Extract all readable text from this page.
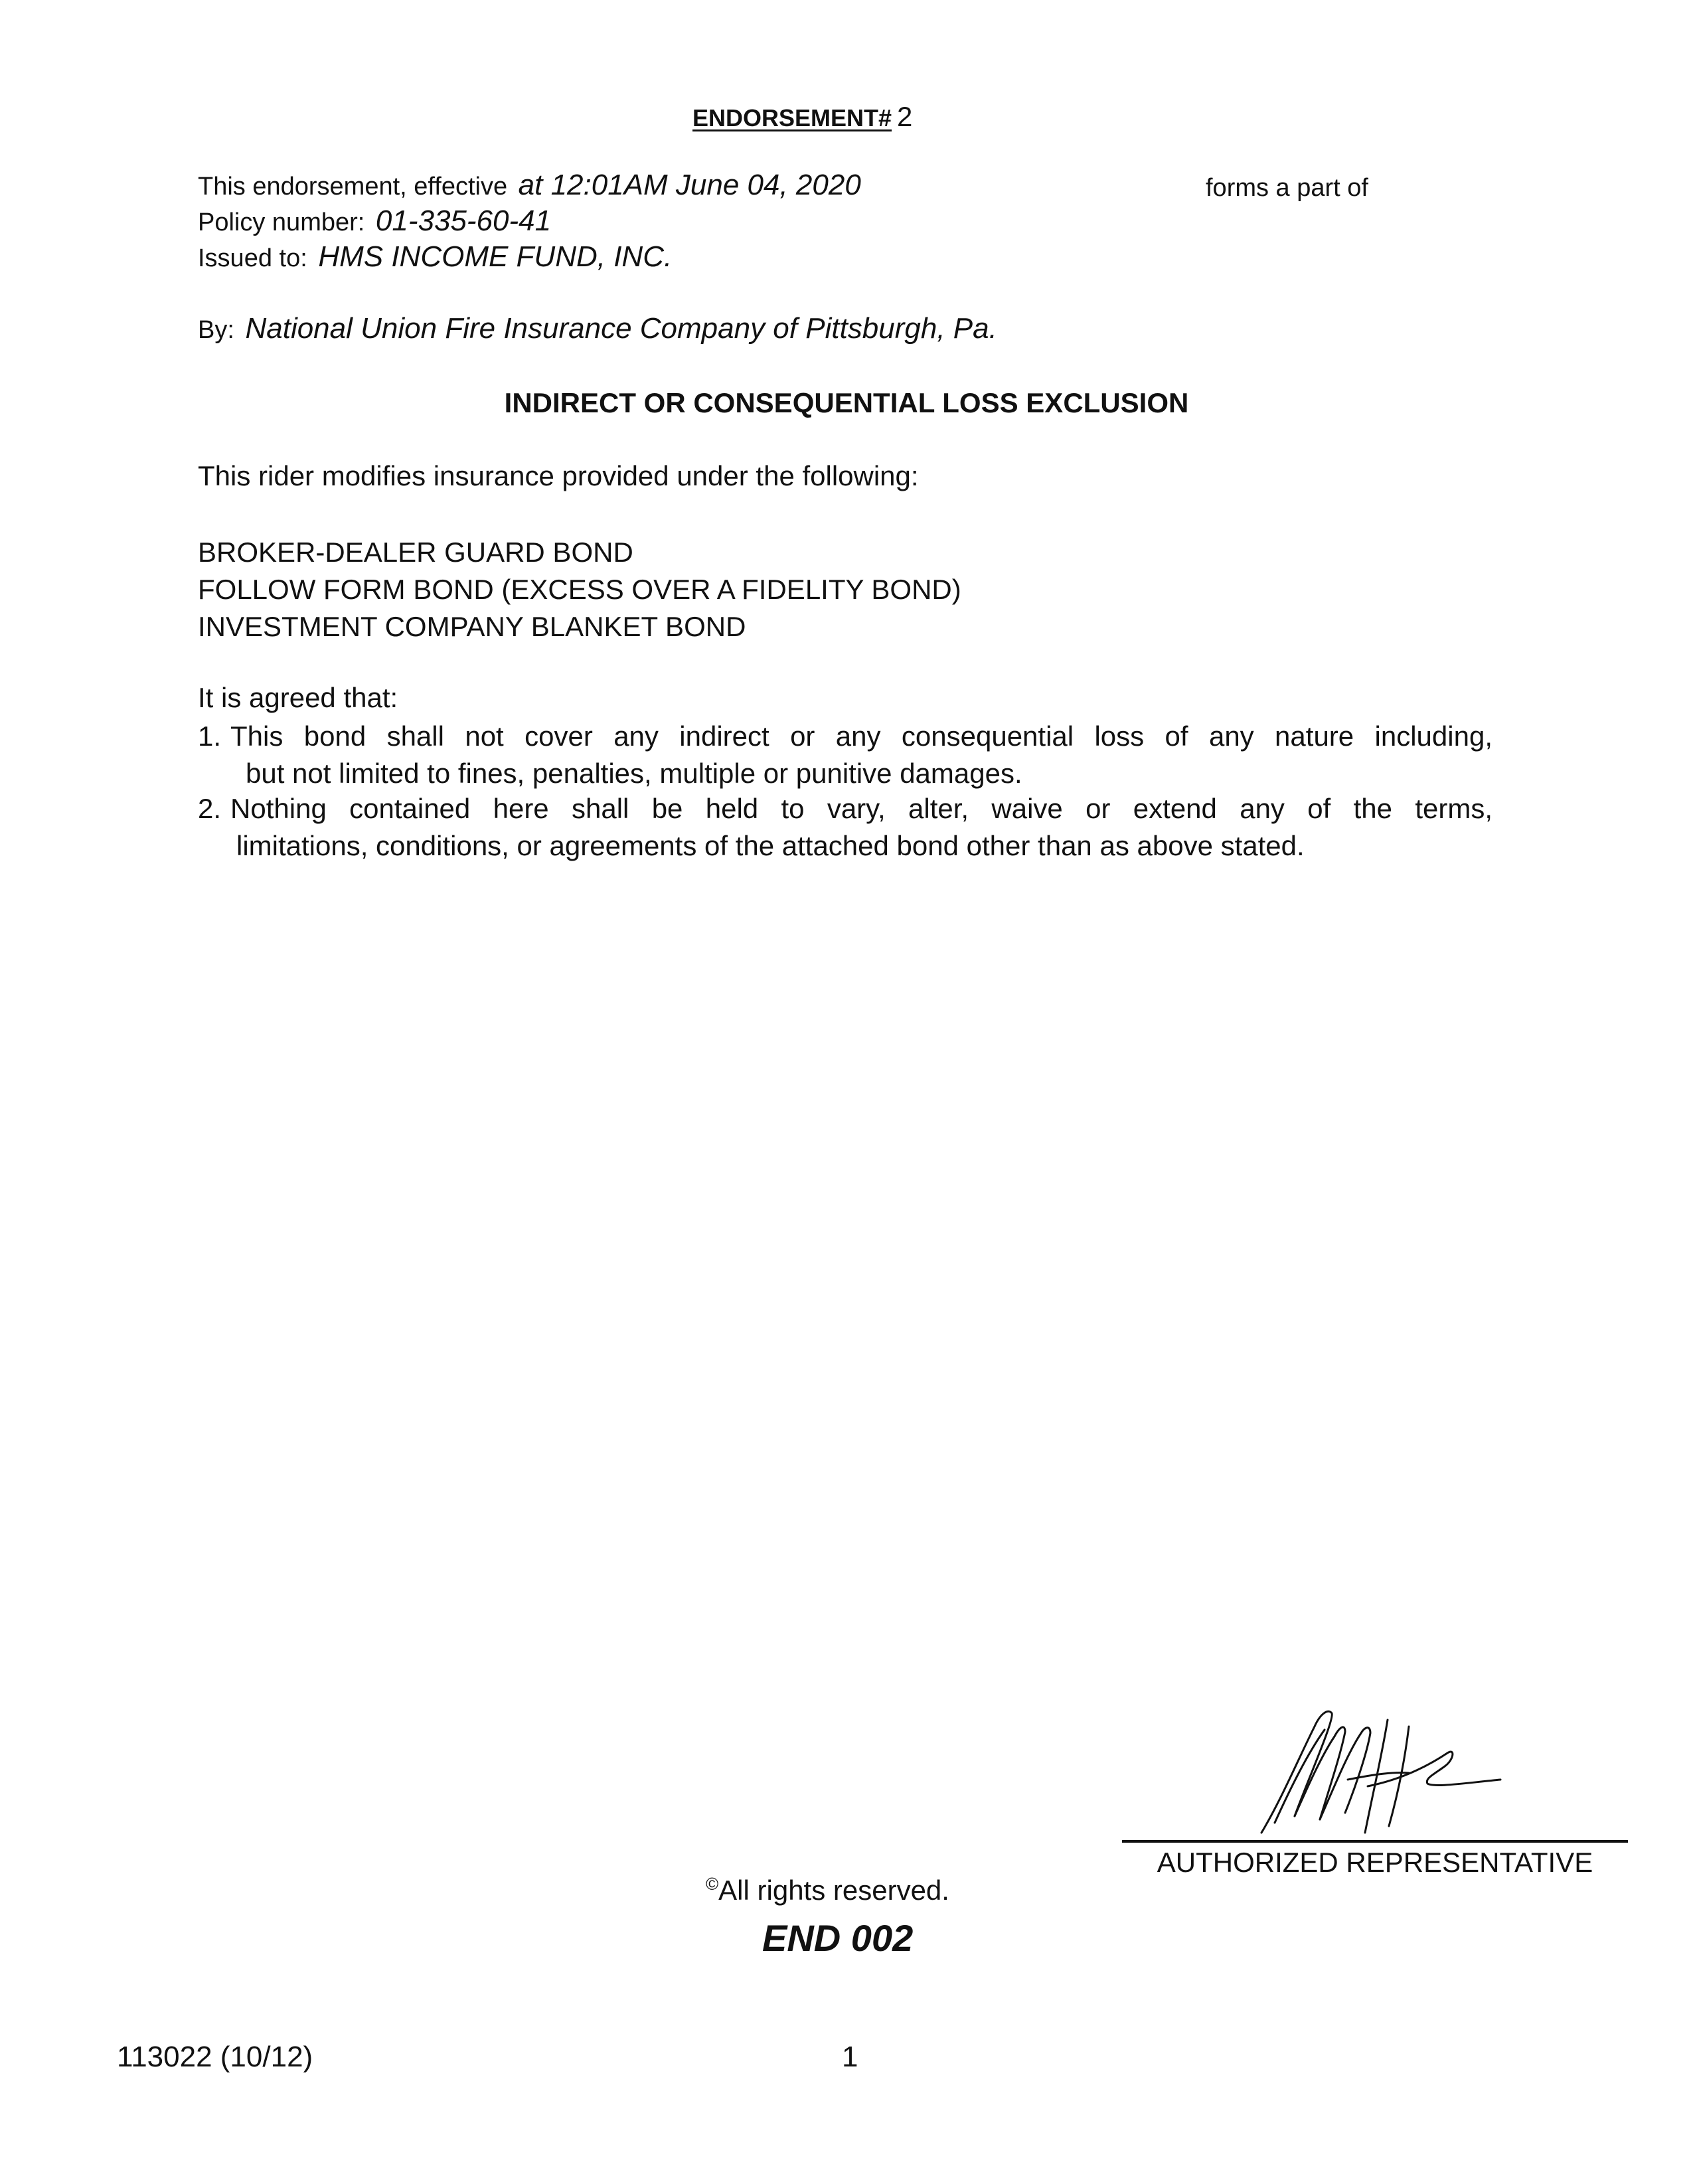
ENDORSEMENT# 2
This endorsement, effective at 12:01AM June 04, 2020	forms a part of
Policy number: 01-335-60-41
Issued to: HMS INCOME FUND, INC.
By: National Union Fire Insurance Company of Pittsburgh, Pa.
INDIRECT OR CONSEQUENTIAL LOSS EXCLUSION
This rider modifies insurance provided under the following:
BROKER-DEALER GUARD BOND
FOLLOW FORM BOND (EXCESS OVER A FIDELITY BOND)
INVESTMENT COMPANY BLANKET BOND
It is agreed that:
1. This bond shall not cover any indirect or any consequential loss of any nature including,
but not limited to fines, penalties, multiple or punitive damages.
2. Nothing contained here shall be held to vary, alter, waive or extend any of the terms,
limitations, conditions, or agreements of the attached bond other than as above stated.
AUTHORIZED REPRESENTATIVE
©All rights reserved.
END 002
113022 (10/12)	1
